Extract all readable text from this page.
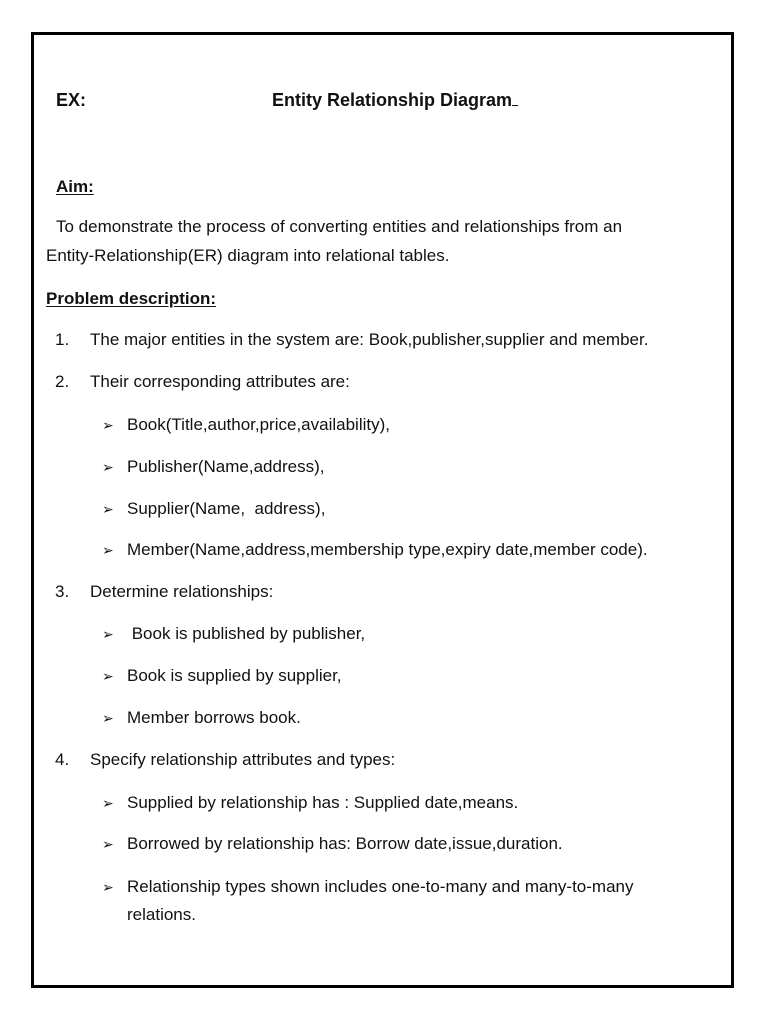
EX:	Entity Relationship Diagram
Aim:
To demonstrate the process of converting entities and relationships from an
Entity-Relationship(ER) diagram into relational tables.
Problem description:
1. The major entities in the system are: Book,publisher,supplier and member.
2. Their corresponding attributes are:
➢ Book(Title,author,price,availability),
➢ Publisher(Name,address),
➢ Supplier(Name,  address),
➢ Member(Name,address,membership type,expiry date,member code).
3. Determine relationships:
➢ Book is published by publisher,
➢ Book is supplied by supplier,
➢ Member borrows book.
4. Specify relationship attributes and types:
➢ Supplied by relationship has : Supplied date,means.
➢ Borrowed by relationship has: Borrow date,issue,duration.
➢ Relationship types shown includes one-to-many and many-to-many
relations.
